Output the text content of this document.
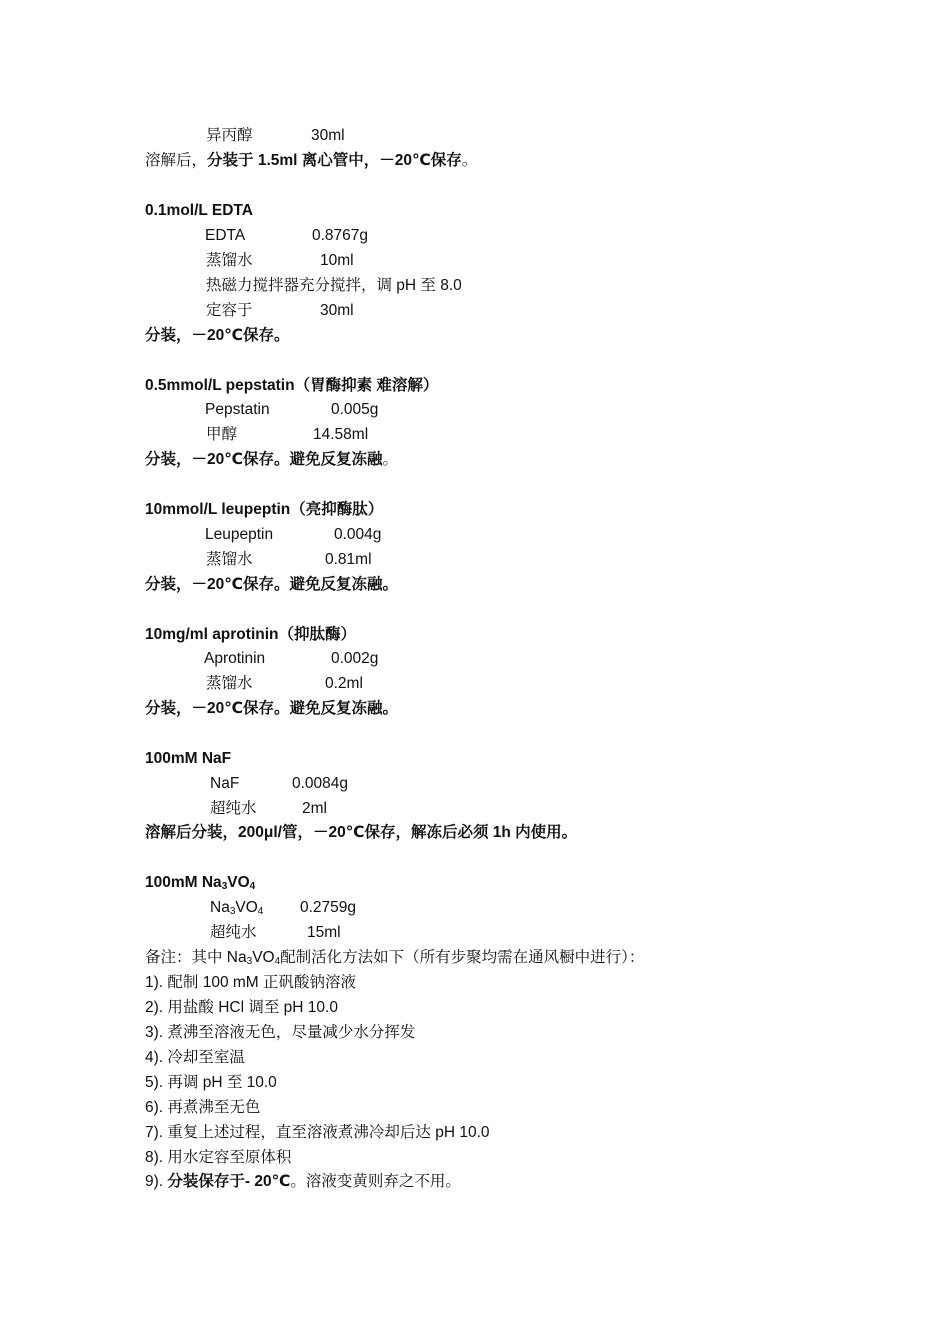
异丙醇	30ml
溶解后，分装于 1.5ml 离心管中，－20℃保存。
0.1mol/L EDTA
EDTA	0.8767g
蒸馏水	10ml
热磁力搅拌器充分搅拌，调 pH 至 8.0
定容于	30ml
分装，－20℃保存。
0.5mmol/L pepstatin（胃酶抑素 难溶解）
Pepstatin	0.005g
甲醇	14.58ml
分装，－20℃保存。避免反复冻融。
10mmol/L leupeptin（亮抑酶肽）
Leupeptin	0.004g
蒸馏水	0.81ml
分装，－20℃保存。避免反复冻融。
10mg/ml aprotinin（抑肽酶）
Aprotinin	0.002g
蒸馏水	0.2ml
分装，－20℃保存。避免反复冻融。
100mM NaF
NaF	0.0084g
超纯水	2ml
溶解后分装，200μl/管，－20℃保存，解冻后必须 1h 内使用。
100mM $Na_3VO_4$
$Na_3VO_4$ 0.2759g
超纯水	15ml
备注：其中 $Na_3VO_4$配制活化方法如下（所有步聚均需在通风橱中进行）：
1). 配制 100 mM 正矾酸钠溶液
2). 用盐酸 HCl 调至 pH 10.0
3). 煮沸至溶液无色，尽量减少水分挥发
4). 冷却至室温
5). 再调 pH 至 10.0
6). 再煮沸至无色
7). 重复上述过程，直至溶液煮沸冷却后达 pH 10.0
8). 用水定容至原体积
9). 分装保存于- 20℃。溶液变黄则弃之不用。
